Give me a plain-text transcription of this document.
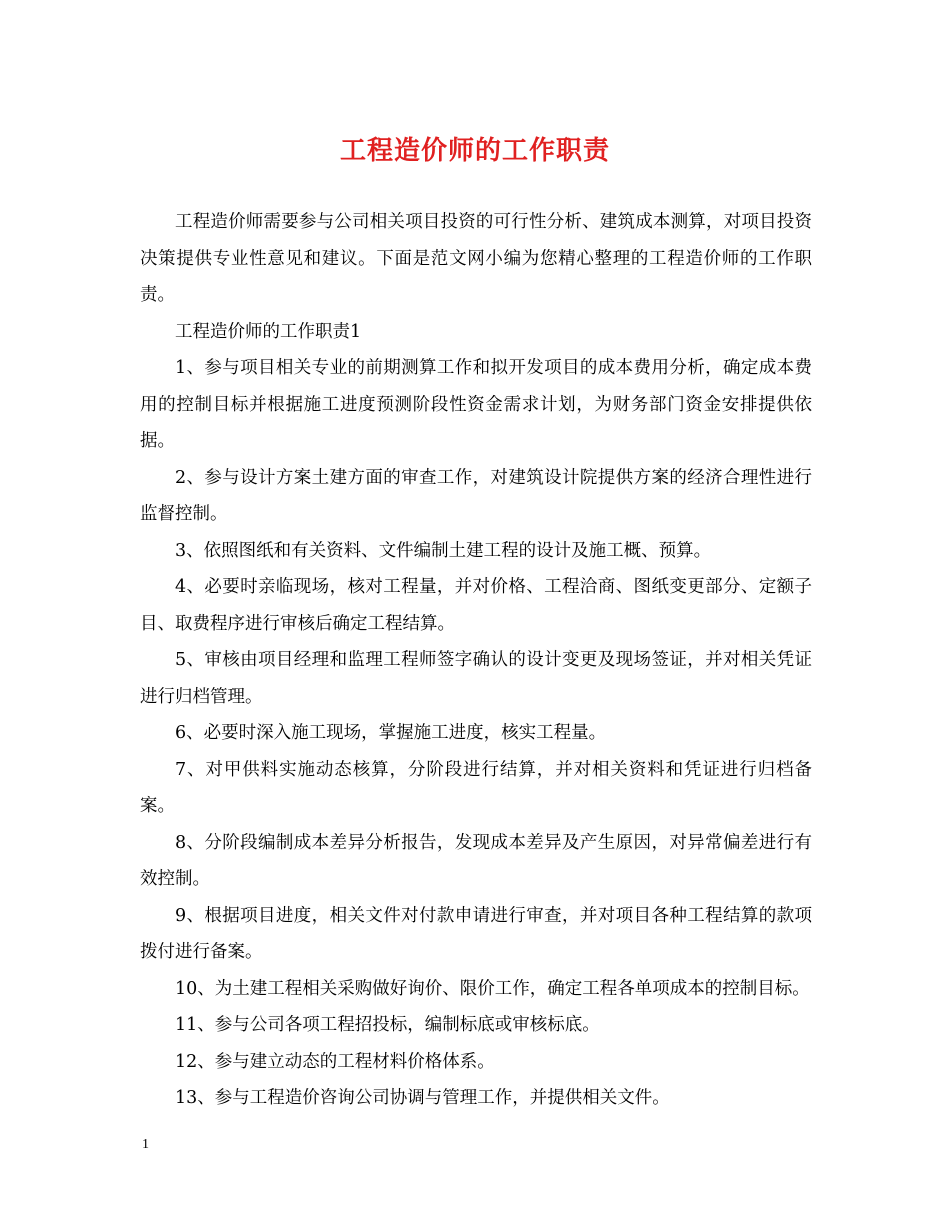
工程造价师的工作职责

工程造价师需要参与公司相关项目投资的可行性分析、建筑成本测算，对项目投资决策提供专业性意见和建议。下面是范文网小编为您精心整理的工程造价师的工作职责。

工程造价师的工作职责1

1、参与项目相关专业的前期测算工作和拟开发项目的成本费用分析，确定成本费用的控制目标并根据施工进度预测阶段性资金需求计划，为财务部门资金安排提供依据。

2、参与设计方案土建方面的审查工作，对建筑设计院提供方案的经济合理性进行监督控制。

3、依照图纸和有关资料、文件编制土建工程的设计及施工概、预算。

4、必要时亲临现场，核对工程量，并对价格、工程洽商、图纸变更部分、定额子目、取费程序进行审核后确定工程结算。

5、审核由项目经理和监理工程师签字确认的设计变更及现场签证，并对相关凭证进行归档管理。

6、必要时深入施工现场，掌握施工进度，核实工程量。

7、对甲供料实施动态核算，分阶段进行结算，并对相关资料和凭证进行归档备案。

8、分阶段编制成本差异分析报告，发现成本差异及产生原因，对异常偏差进行有效控制。

9、根据项目进度，相关文件对付款申请进行审查，并对项目各种工程结算的款项拨付进行备案。

10、为土建工程相关采购做好询价、限价工作，确定工程各单项成本的控制目标。

11、参与公司各项工程招投标，编制标底或审核标底。

12、参与建立动态的工程材料价格体系。

13、参与工程造价咨询公司协调与管理工作，并提供相关文件。

1
